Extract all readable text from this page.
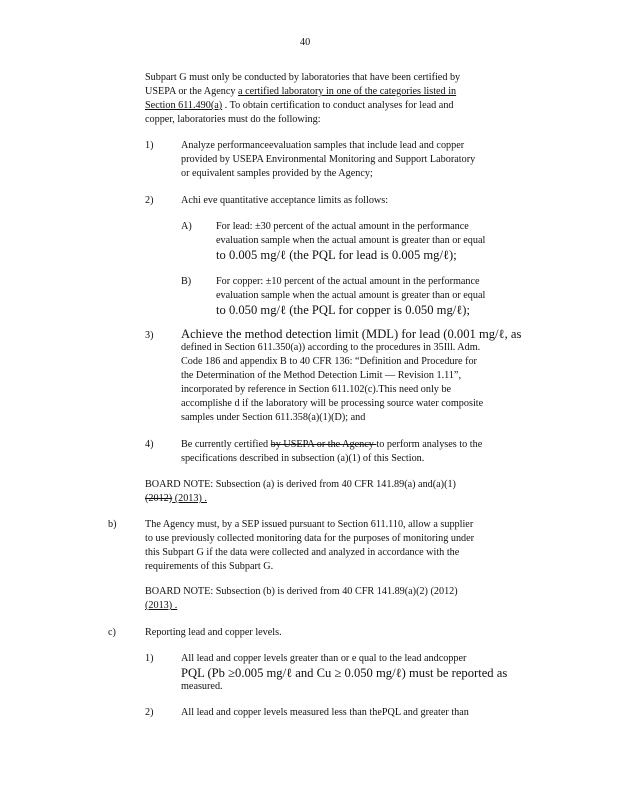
40
Subpart G must only be conducted by laboratories that have been certified by
USEPA or the Agency a certified laboratory in one of the categories listed in
Section 611.490(a) . To obtain certification to conduct analyses for lead and
copper, laboratories must do the following:
1)	Analyze performanceevaluation samples that include lead and copper
provided by USEPA Environmental Monitoring and Support Laboratory
or equivalent samples provided by the Agency;
2)	Achi eve quantitative acceptance limits as follows:
A) For lead: ±30 percent of the actual amount in the performance
evaluation sample when the actual amount is greater than or equal
to 0.005 mg/ℓ (the PQL for lead is 0.005 mg/ℓ);
B) For copper: ±10 percent of the actual amount in the performance
evaluation sample when the actual amount is greater than or equal
to 0.050 mg/ℓ (the PQL for copper is 0.050 mg/ℓ);
3) Achieve the method detection limit (MDL) for lead (0.001 mg/ℓ, as
defined in Section 611.350(a)) according to the procedures in 35Ill. Adm.
Code 186 and appendix B to 40 CFR 136: “Definition and Procedure for
the Determination of the Method Detection Limit — Revision 1.11”,
incorporated by reference in Section 611.102(c).This need only be
accomplishe d if the laboratory will be processing source water composite
samples under Section 611.358(a)(1)(D); and
4)	Be currently certified by USEPA or the Agency to perform analyses to the
specifications described in subsection (a)(1) of this Section.
BOARD NOTE: Subsection (a) is derived from 40 CFR 141.89(a) and(a)(1)
(2012) (2013) .
b)	The Agency must, by a SEP issued pursuant to Section 611.110, allow a supplier
to use previously collected monitoring data for the purposes of monitoring under
this Subpart G if the data were collected and analyzed in accordance with the
requirements of this Subpart G.
BOARD NOTE: Subsection (b) is derived from 40 CFR 141.89(a)(2) (2012)
(2013) .
c)	Reporting lead and copper levels.
1)	All lead and copper levels greater than or e qual to the lead andcopper
PQL (Pb ≥0.005 mg/ℓ and Cu ≥ 0.050 mg/ℓ) must be reported as
measured.
2)	All lead and copper levels measured less than thePQL and greater than
